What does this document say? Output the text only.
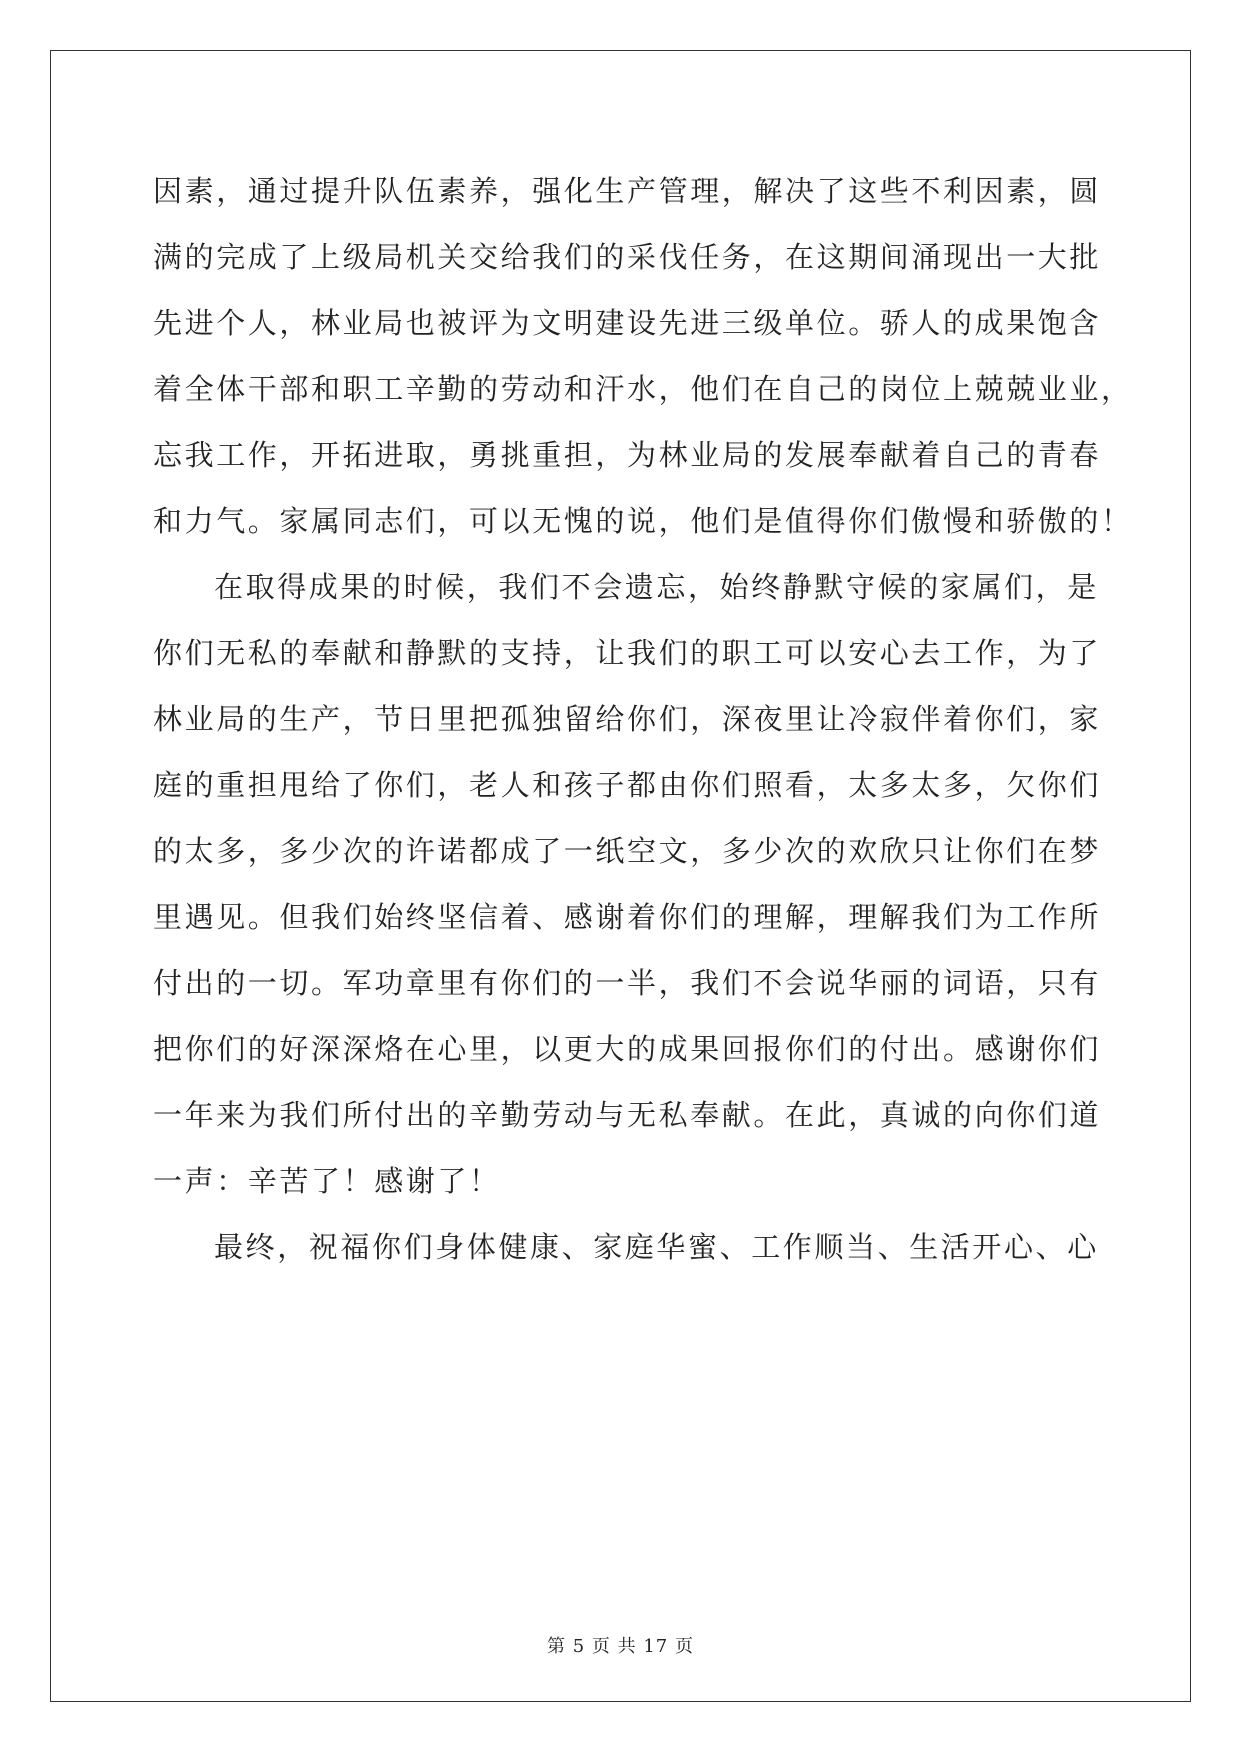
因素，通过提升队伍素养，强化生产管理，解决了这些不利因素，圆
满的完成了上级局机关交给我们的采伐任务，在这期间涌现出一大批
先进个人，林业局也被评为文明建设先进三级单位。骄人的成果饱含
着全体干部和职工辛勤的劳动和汗水，他们在自己的岗位上兢兢业业，
忘我工作，开拓进取，勇挑重担，为林业局的发展奉献着自己的青春
和力气。家属同志们，可以无愧的说，他们是值得你们傲慢和骄傲的！
在取得成果的时候，我们不会遗忘，始终静默守候的家属们，是
你们无私的奉献和静默的支持，让我们的职工可以安心去工作，为了
林业局的生产，节日里把孤独留给你们，深夜里让冷寂伴着你们，家
庭的重担甩给了你们，老人和孩子都由你们照看，太多太多，欠你们
的太多，多少次的许诺都成了一纸空文，多少次的欢欣只让你们在梦
里遇见。但我们始终坚信着、感谢着你们的理解，理解我们为工作所
付出的一切。军功章里有你们的一半，我们不会说华丽的词语，只有
把你们的好深深烙在心里，以更大的成果回报你们的付出。感谢你们
一年来为我们所付出的辛勤劳动与无私奉献。在此，真诚的向你们道
一声：辛苦了！感谢了！
最终，祝福你们身体健康、家庭华蜜、工作顺当、生活开心、心
第 5 页 共 17 页
